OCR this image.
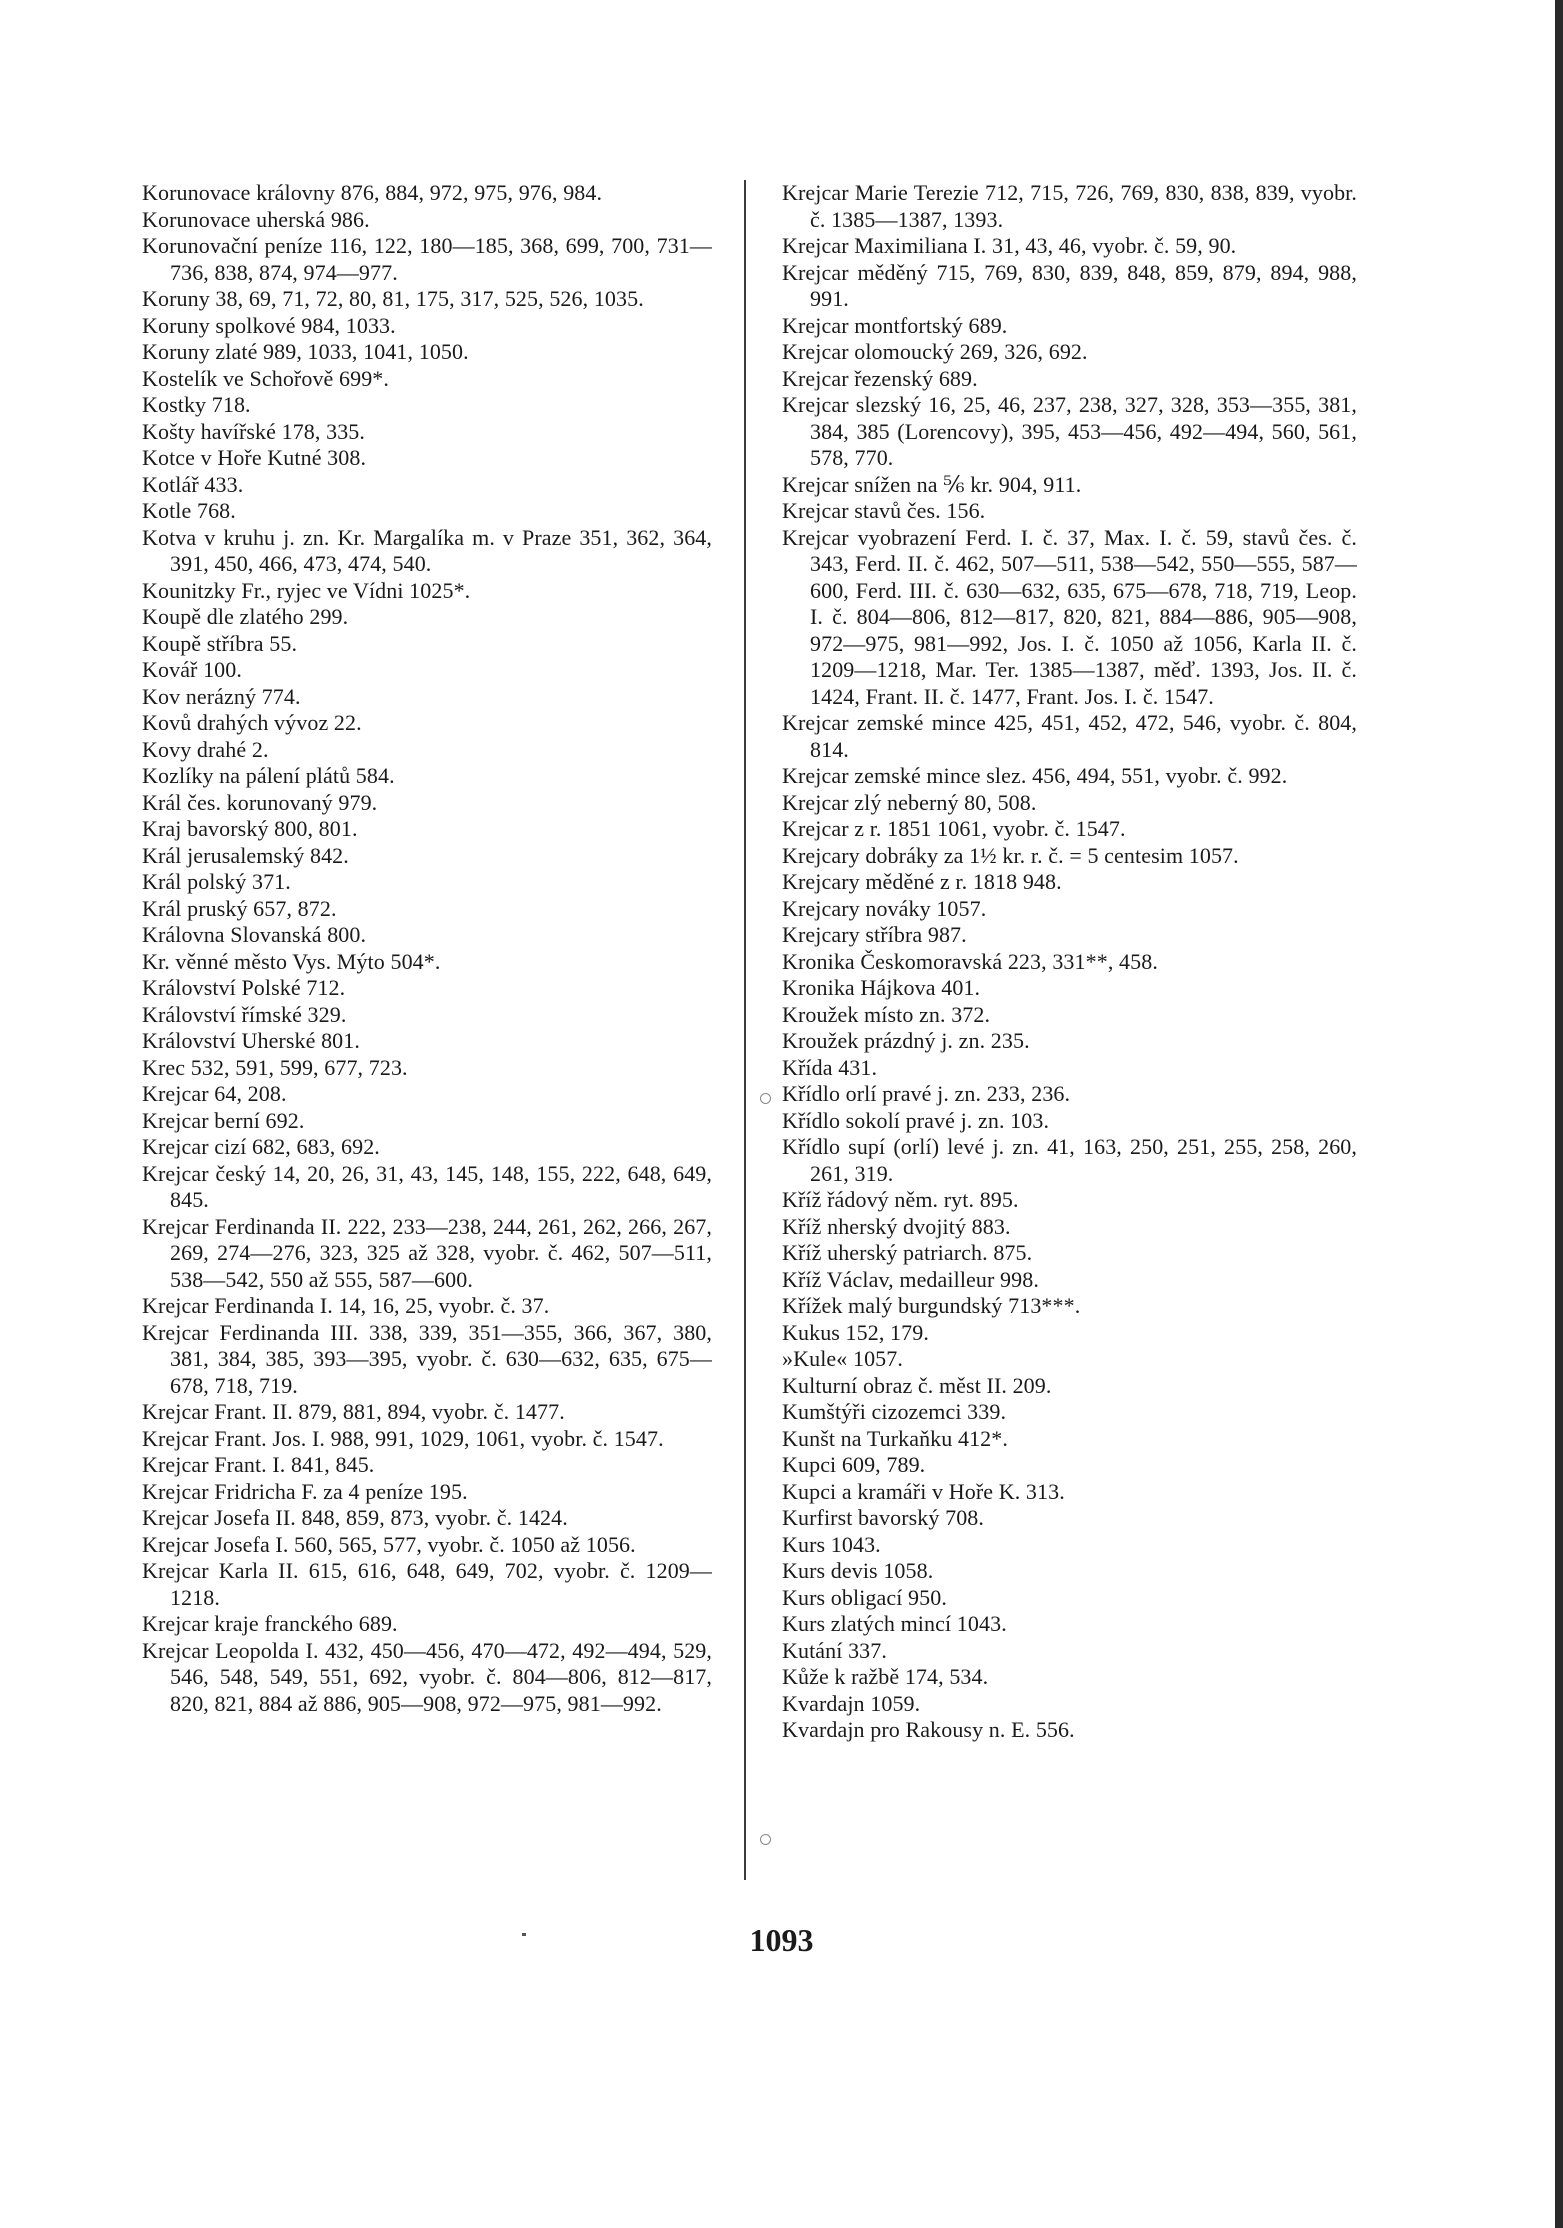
Korunovace královny 876, 884, 972, 975, 976, 984.
Korunovace uherská 986.
Korunovační peníze 116, 122, 180—185, 368, 699, 700, 731—736, 838, 874, 974—977.
Koruny 38, 69, 71, 72, 80, 81, 175, 317, 525, 526, 1035.
Koruny spolkové 984, 1033.
Koruny zlaté 989, 1033, 1041, 1050.
Kostelík ve Schořově 699*.
Kostky 718.
Košty havířské 178, 335.
Kotce v Hoře Kutné 308.
Kotlář 433.
Kotle 768.
Kotva v kruhu j. zn. Kr. Margalíka m. v Praze 351, 362, 364, 391, 450, 466, 473, 474, 540.
Kounitzky Fr., ryjec ve Vídni 1025*.
Koupě dle zlatého 299.
Koupě stříbra 55.
Kovář 100.
Kov nerázný 774.
Kovů drahých vývoz 22.
Kovy drahé 2.
Kozlíky na pálení plátů 584.
Král čes. korunovaný 979.
Kraj bavorský 800, 801.
Král jerusalemský 842.
Král polský 371.
Král pruský 657, 872.
Královna Slovanská 800.
Kr. věnné město Vys. Mýto 504*.
Království Polské 712.
Království římské 329.
Království Uherské 801.
Krec 532, 591, 599, 677, 723.
Krejcar 64, 208.
Krejcar berní 692.
Krejcar cizí 682, 683, 692.
Krejcar český 14, 20, 26, 31, 43, 145, 148, 155, 222, 648, 649, 845.
Krejcar Ferdinanda II. 222, 233—238, 244, 261, 262, 266, 267, 269, 274—276, 323, 325 až 328, vyobr. č. 462, 507—511, 538—542, 550 až 555, 587—600.
Krejcar Ferdinanda I. 14, 16, 25, vyobr. č. 37.
Krejcar Ferdinanda III. 338, 339, 351—355, 366, 367, 380, 381, 384, 385, 393—395, vyobr. č. 630—632, 635, 675—678, 718, 719.
Krejcar Frant. II. 879, 881, 894, vyobr. č. 1477.
Krejcar Frant. Jos. I. 988, 991, 1029, 1061, vyobr. č. 1547.
Krejcar Frant. I. 841, 845.
Krejcar Fridricha F. za 4 peníze 195.
Krejcar Josefa II. 848, 859, 873, vyobr. č. 1424.
Krejcar Josefa I. 560, 565, 577, vyobr. č. 1050 až 1056.
Krejcar Karla II. 615, 616, 648, 649, 702, vyobr. č. 1209—1218.
Krejcar kraje franckého 689.
Krejcar Leopolda I. 432, 450—456, 470—472, 492—494, 529, 546, 548, 549, 551, 692, vyobr. č. 804—806, 812—817, 820, 821, 884 až 886, 905—908, 972—975, 981—992.
Krejcar Marie Terezie 712, 715, 726, 769, 830, 838, 839, vyobr. č. 1385—1387, 1393.
Krejcar Maximiliana I. 31, 43, 46, vyobr. č. 59, 90.
Krejcar měděný 715, 769, 830, 839, 848, 859, 879, 894, 988, 991.
Krejcar montfortský 689.
Krejcar olomoucký 269, 326, 692.
Krejcar řezenský 689.
Krejcar slezský 16, 25, 46, 237, 238, 327, 328, 353—355, 381, 384, 385 (Lorencovy), 395, 453—456, 492—494, 560, 561, 578, 770.
Krejcar snížen na ⅚ kr. 904, 911.
Krejcar stavů čes. 156.
Krejcar vyobrazení Ferd. I. č. 37, Max. I. č. 59, stavů čes. č. 343, Ferd. II. č. 462, 507—511, 538—542, 550—555, 587—600, Ferd. III. č. 630—632, 635, 675—678, 718, 719, Leop. I. č. 804—806, 812—817, 820, 821, 884—886, 905—908, 972—975, 981—992, Jos. I. č. 1050 až 1056, Karla II. č. 1209—1218, Mar. Ter. 1385—1387, měď. 1393, Jos. II. č. 1424, Frant. II. č. 1477, Frant. Jos. I. č. 1547.
Krejcar zemské mince 425, 451, 452, 472, 546, vyobr. č. 804, 814.
Krejcar zemské mince slez. 456, 494, 551, vyobr. č. 992.
Krejcar zlý neberný 80, 508.
Krejcar z r. 1851 1061, vyobr. č. 1547.
Krejcary dobráky za 1½ kr. r. č. = 5 centesim 1057.
Krejcary měděné z r. 1818 948.
Krejcary nováky 1057.
Krejcary stříbra 987.
Kronika Českomoravská 223, 331**, 458.
Kronika Hájkova 401.
Kroužek místo zn. 372.
Kroužek prázdný j. zn. 235.
Křída 431.
Křídlo orlí pravé j. zn. 233, 236.
Křídlo sokolí pravé j. zn. 103.
Křídlo supí (orlí) levé j. zn. 41, 163, 250, 251, 255, 258, 260, 261, 319.
Kříž řádový něm. ryt. 895.
Kříž nherský dvojitý 883.
Kříž uherský patriarch. 875.
Kříž Václav, medailleur 998.
Křížek malý burgundský 713***.
Kukus 152, 179.
»Kule« 1057.
Kulturní obraz č. měst II. 209.
Kumštýři cizozemci 339.
Kunšt na Turkaňku 412*.
Kupci 609, 789.
Kupci a kramáři v Hoře K. 313.
Kurfirst bavorský 708.
Kurs 1043.
Kurs devis 1058.
Kurs obligací 950.
Kurs zlatých mincí 1043.
Kutání 337.
Kůže k ražbě 174, 534.
Kvardajn 1059.
Kvardajn pro Rakousy n. E. 556.
1093
